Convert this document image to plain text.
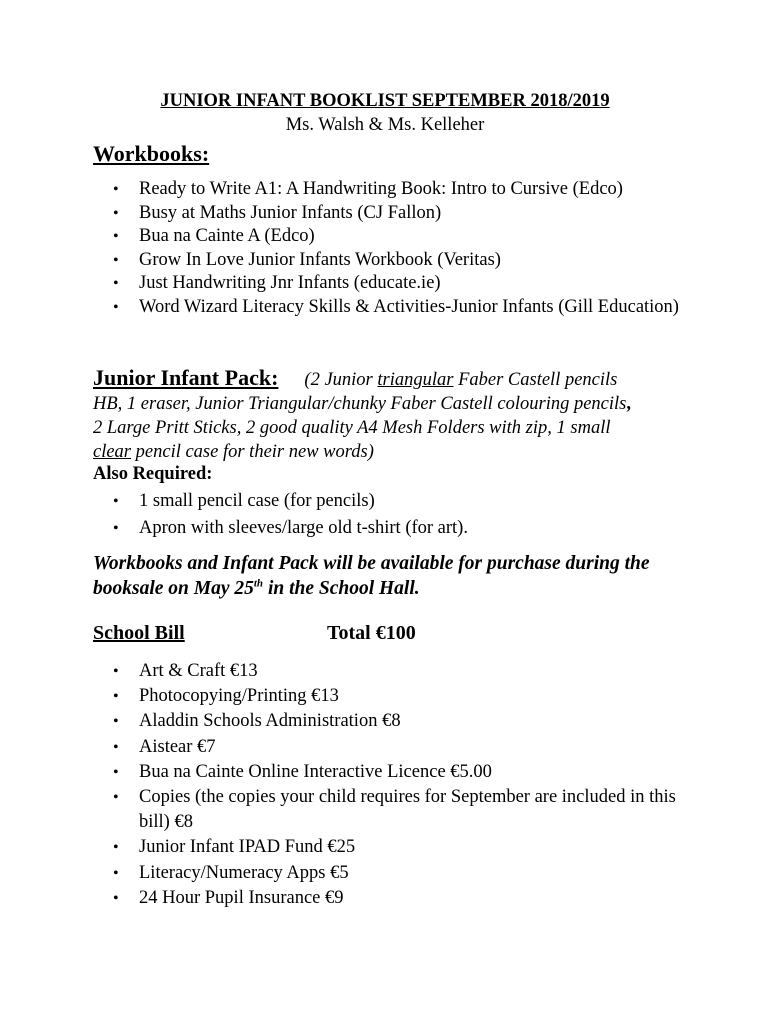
JUNIOR INFANT BOOKLIST SEPTEMBER 2018/2019
Ms. Walsh & Ms. Kelleher
Workbooks:
• Ready to Write A1: A Handwriting Book: Intro to Cursive (Edco)
• Busy at Maths Junior Infants (CJ Fallon)
• Bua na Cainte A (Edco)
• Grow In Love Junior Infants Workbook (Veritas)
• Just Handwriting Jnr Infants (educate.ie)
• Word Wizard Literacy Skills & Activities-Junior Infants (Gill Education)
Junior Infant Pack: (2 Junior triangular Faber Castell pencils HB, 1 eraser, Junior Triangular/chunky Faber Castell colouring pencils, 2 Large Pritt Sticks, 2 good quality A4 Mesh Folders with zip, 1 small clear pencil case for their new words)
Also Required:
• 1 small pencil case (for pencils)
• Apron with sleeves/large old t-shirt (for art).
Workbooks and Infant Pack will be available for purchase during the booksale on May 25th in the School Hall.
School Bill	Total €100
• Art & Craft €13
• Photocopying/Printing €13
• Aladdin Schools Administration €8
• Aistear €7
• Bua na Cainte Online Interactive Licence €5.00
• Copies (the copies your child requires for September are included in this bill) €8
• Junior Infant IPAD Fund €25
• Literacy/Numeracy Apps €5
• 24 Hour Pupil Insurance €9
